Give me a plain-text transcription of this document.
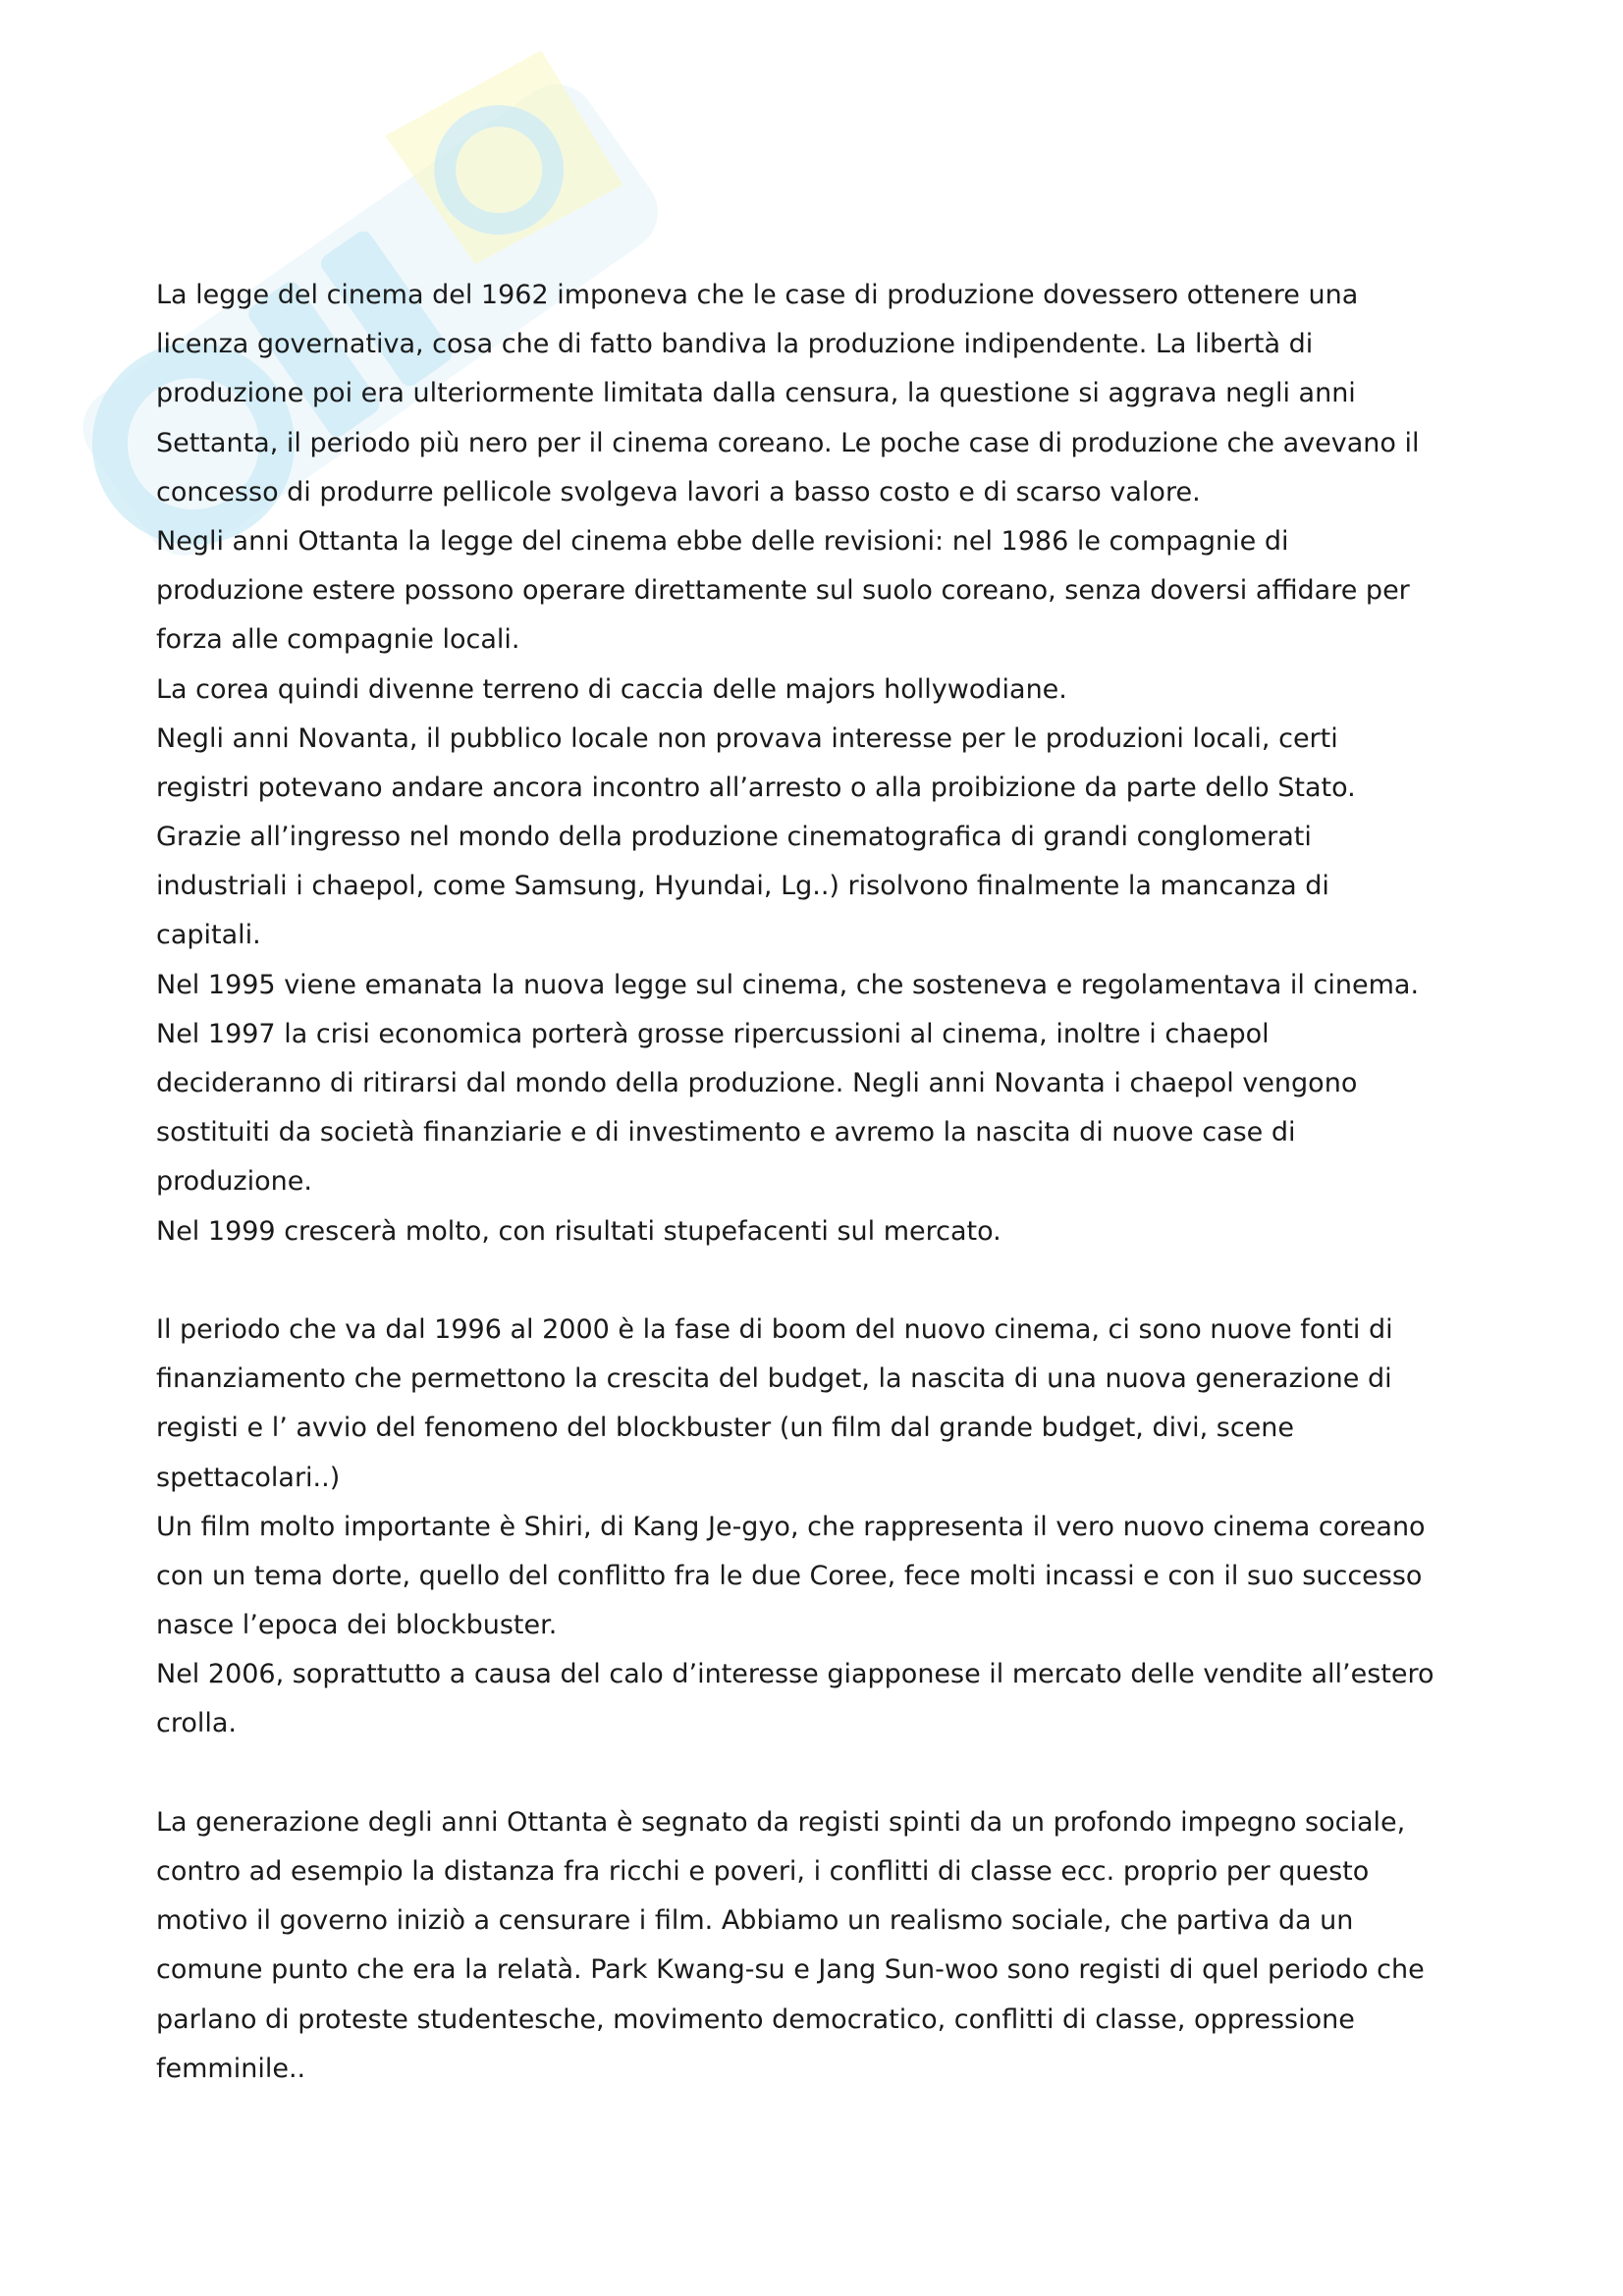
La legge del cinema del 1962 imponeva che le case di produzione dovessero ottenere una
licenza governativa, cosa che di fatto bandiva la produzione indipendente. La libertà di
produzione poi era ulteriormente limitata dalla censura, la questione si aggrava negli anni
Settanta, il periodo più nero per il cinema coreano. Le poche case di produzione che avevano il
concesso di produrre pellicole svolgeva lavori a basso costo e di scarso valore.
Negli anni Ottanta la legge del cinema ebbe delle revisioni: nel 1986 le compagnie di
produzione estere possono operare direttamente sul suolo coreano, senza doversi affidare per
forza alle compagnie locali.
La corea quindi divenne terreno di caccia delle majors hollywodiane.
Negli anni Novanta, il pubblico locale non provava interesse per le produzioni locali, certi
registri potevano andare ancora incontro all’arresto o alla proibizione da parte dello Stato.
Grazie all’ingresso nel mondo della produzione cinematografica di grandi conglomerati
industriali i chaepol, come Samsung, Hyundai, Lg..) risolvono finalmente la mancanza di
capitali.
Nel 1995 viene emanata la nuova legge sul cinema, che sosteneva e regolamentava il cinema.
Nel 1997 la crisi economica porterà grosse ripercussioni al cinema, inoltre i chaepol
decideranno di ritirarsi dal mondo della produzione. Negli anni Novanta i chaepol vengono
sostituiti da società finanziarie e di investimento e avremo la nascita di nuove case di
produzione.
Nel 1999 crescerà molto, con risultati stupefacenti sul mercato.
Il periodo che va dal 1996 al 2000 è la fase di boom del nuovo cinema, ci sono nuove fonti di
finanziamento che permettono la crescita del budget, la nascita di una nuova generazione di
registi e l’ avvio del fenomeno del blockbuster (un film dal grande budget, divi, scene
spettacolari..)
Un film molto importante è Shiri, di Kang Je-gyo, che rappresenta il vero nuovo cinema coreano
con un tema dorte, quello del conflitto fra le due Coree, fece molti incassi e con il suo successo
nasce l’epoca dei blockbuster.
Nel 2006, soprattutto a causa del calo d’interesse giapponese il mercato delle vendite all’estero
crolla.
La generazione degli anni Ottanta è segnato da registi spinti da un profondo impegno sociale,
contro ad esempio la distanza fra ricchi e poveri, i conflitti di classe ecc. proprio per questo
motivo il governo iniziò a censurare i film. Abbiamo un realismo sociale, che partiva da un
comune punto che era la relatà. Park Kwang-su e Jang Sun-woo sono registi di quel periodo che
parlano di proteste studentesche, movimento democratico, conflitti di classe, oppressione
femminile..
